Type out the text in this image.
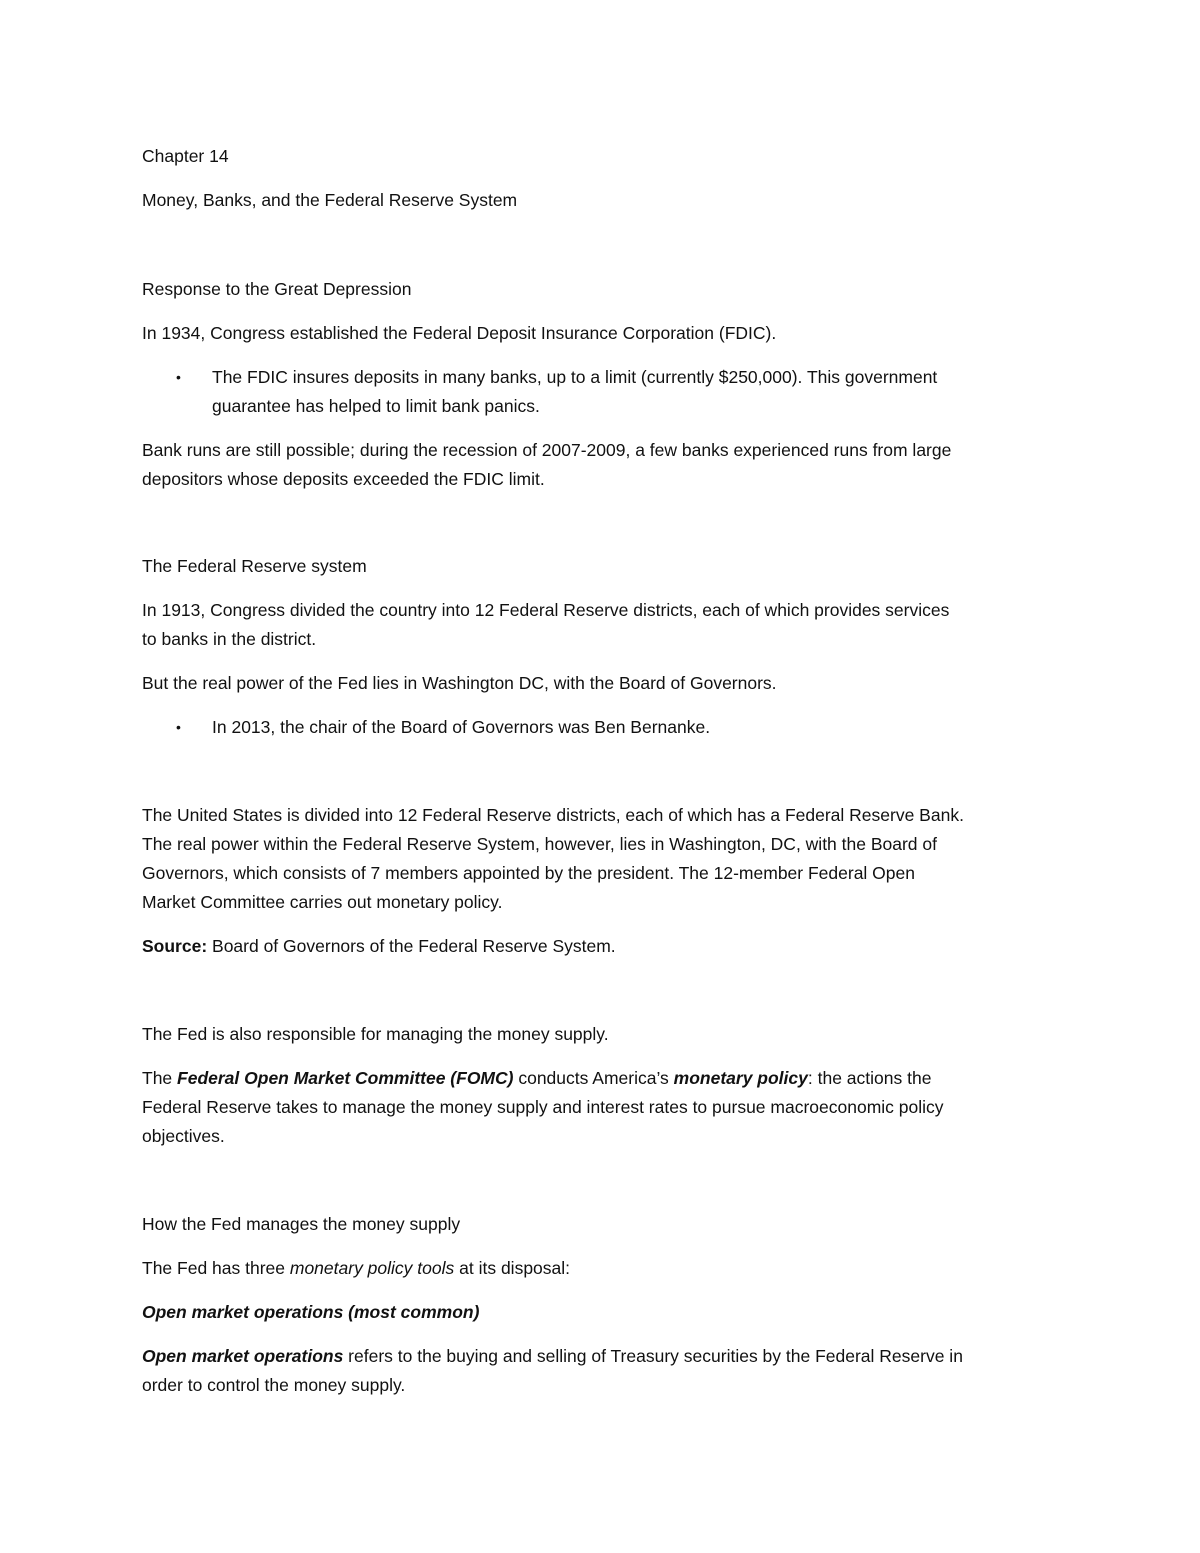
Chapter 14
Money, Banks, and the Federal Reserve System
Response to the Great Depression
In 1934, Congress established the Federal Deposit Insurance Corporation (FDIC).
• The FDIC insures deposits in many banks, up to a limit (currently $250,000). This government
guarantee has helped to limit bank panics.
Bank runs are still possible; during the recession of 2007-2009, a few banks experienced runs from large
depositors whose deposits exceeded the FDIC limit.
The Federal Reserve system
In 1913, Congress divided the country into 12 Federal Reserve districts, each of which provides services
to banks in the district.
But the real power of the Fed lies in Washington DC, with the Board of Governors.
• In 2013, the chair of the Board of Governors was Ben Bernanke.
The United States is divided into 12 Federal Reserve districts, each of which has a Federal Reserve Bank.
The real power within the Federal Reserve System, however, lies in Washington, DC, with the Board of
Governors, which consists of 7 members appointed by the president. The 12-member Federal Open
Market Committee carries out monetary policy.
Source: Board of Governors of the Federal Reserve System.
The Fed is also responsible for managing the money supply.
The Federal Open Market Committee (FOMC) conducts America’s monetary policy: the actions the
Federal Reserve takes to manage the money supply and interest rates to pursue macroeconomic policy
objectives.
How the Fed manages the money supply
The Fed has three monetary policy tools at its disposal:
Open market operations (most common)
Open market operations refers to the buying and selling of Treasury securities by the Federal Reserve in
order to control the money supply.
